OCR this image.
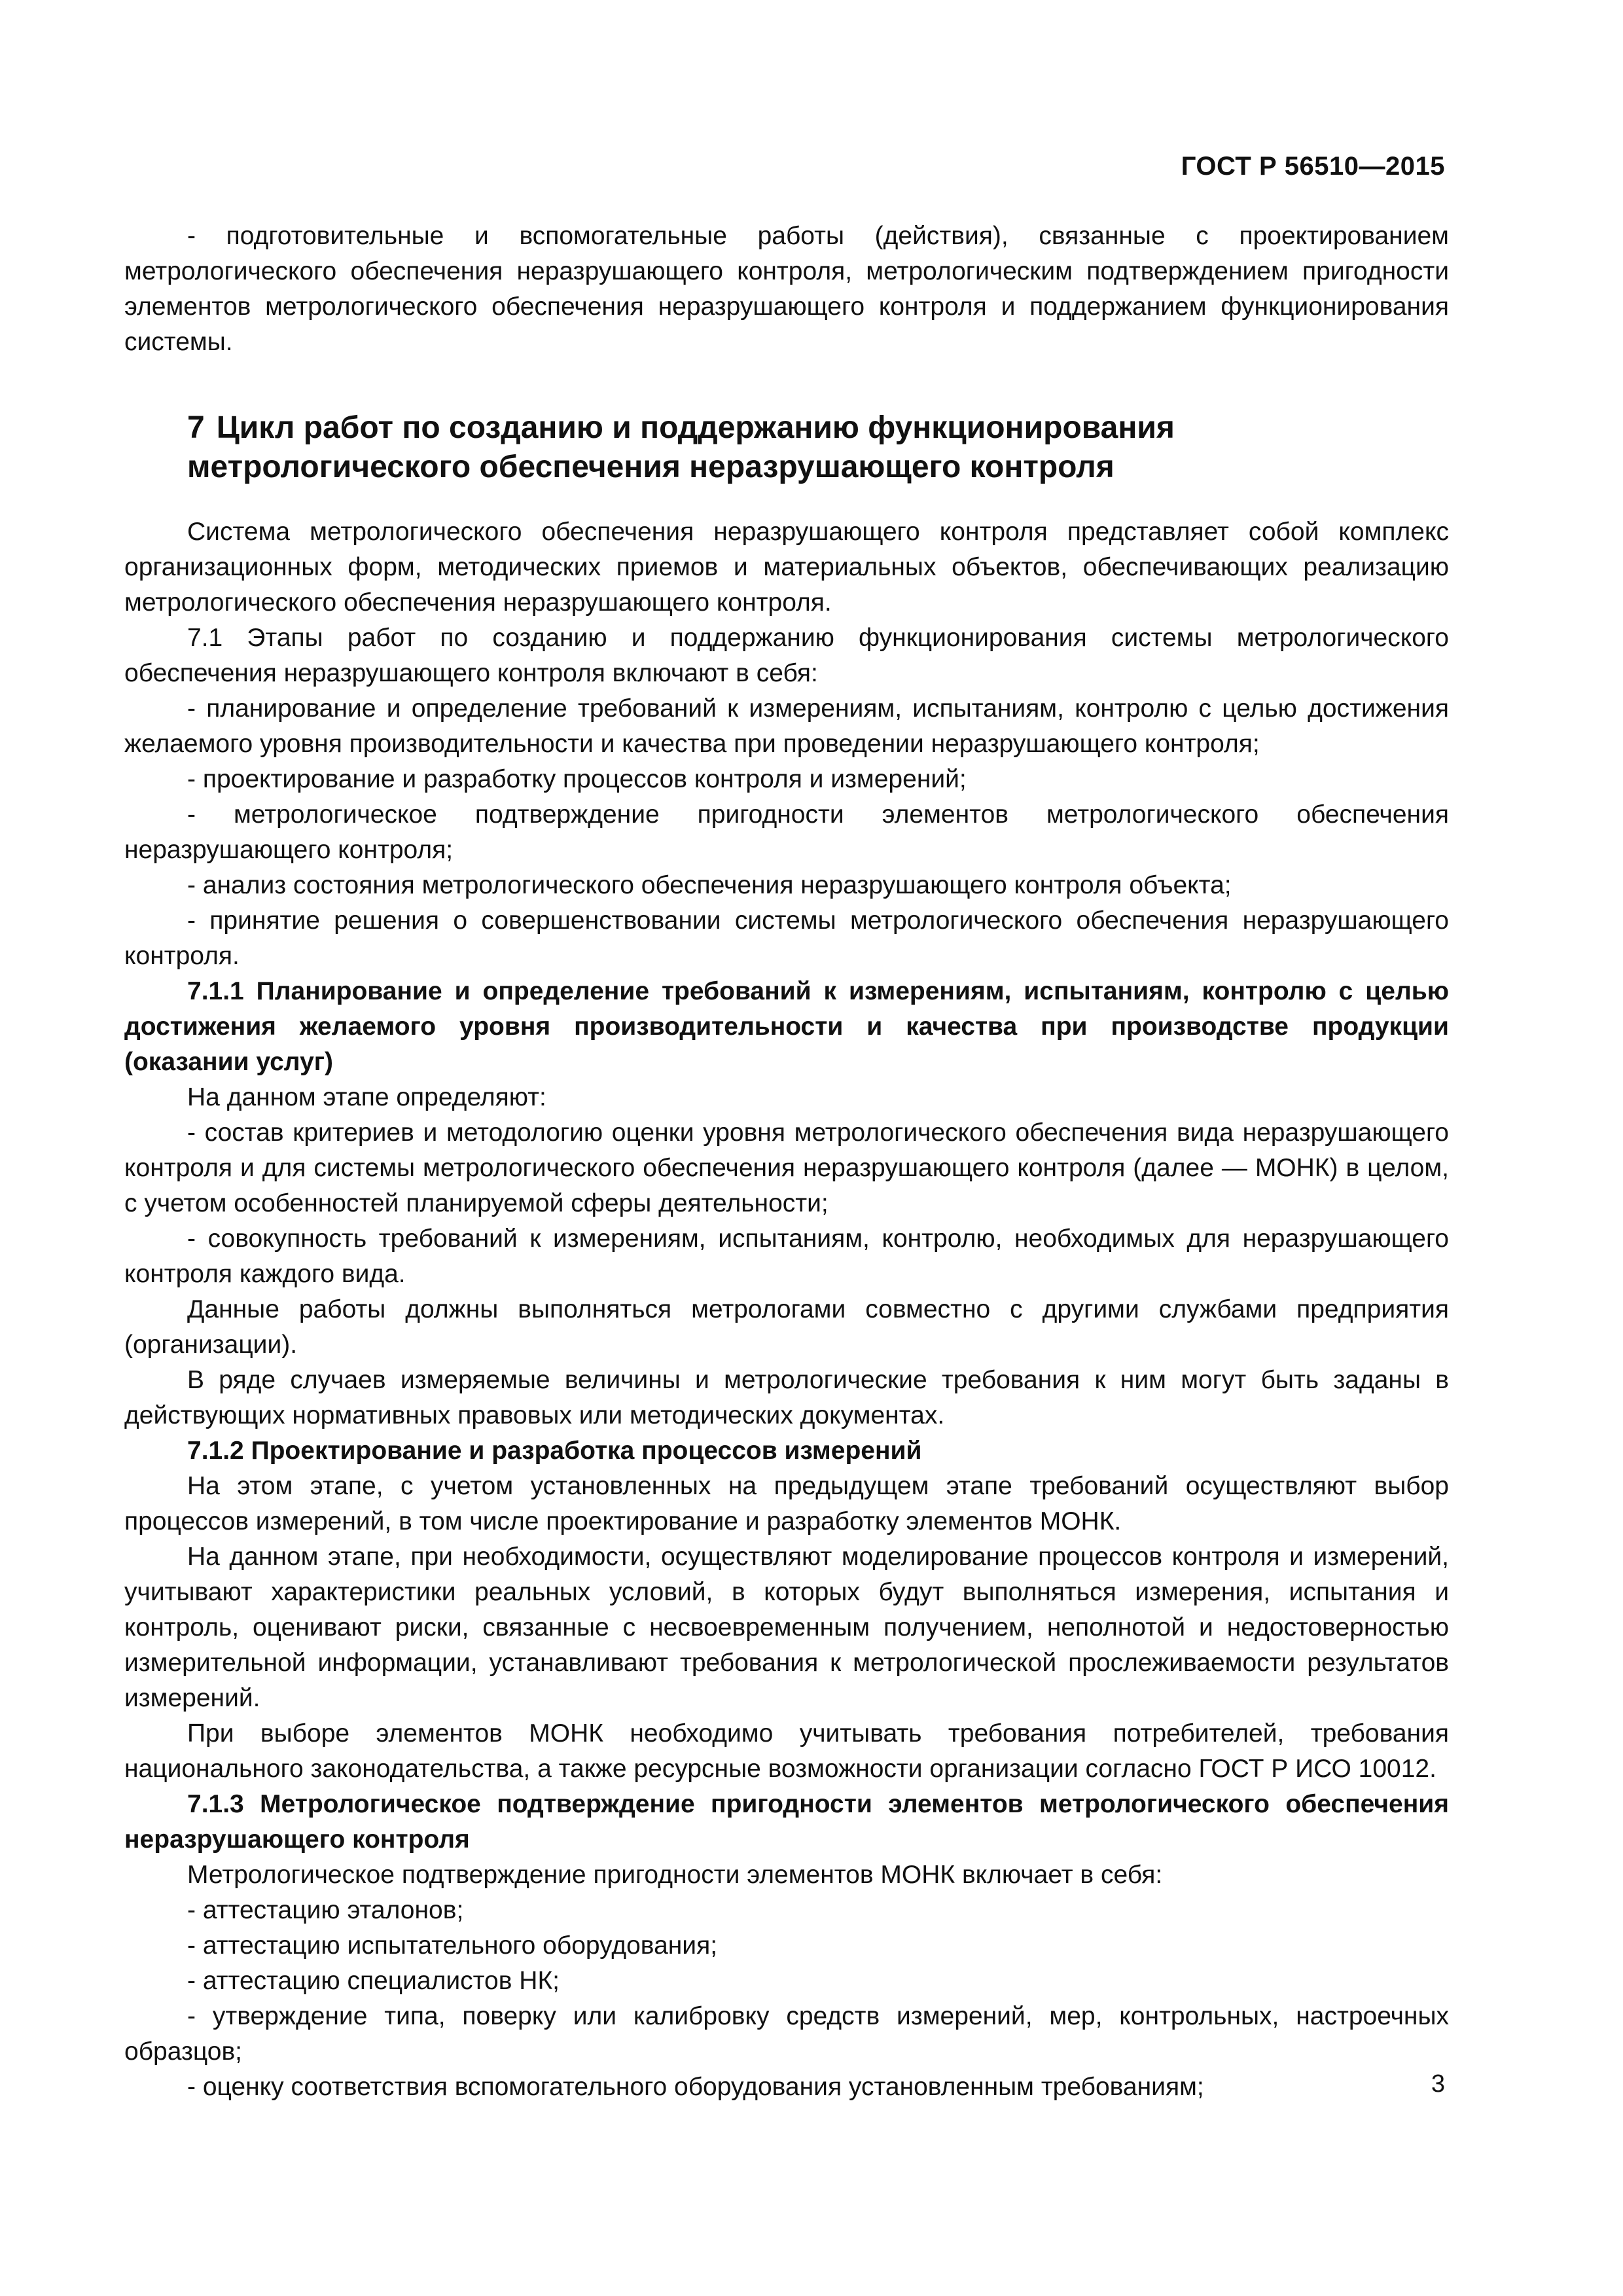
ГОСТ Р 56510—2015

- подготовительные и вспомогательные работы (действия), связанные с проектированием метрологического обеспечения неразрушающего контроля, метрологическим подтверждением пригодности элементов метрологического обеспечения неразрушающего контроля и поддержанием функционирования системы.

7 Цикл работ по созданию и поддержанию функционирования
метрологического обеспечения неразрушающего контроля

Система метрологического обеспечения неразрушающего контроля представляет собой комплекс организационных форм, методических приемов и материальных объектов, обеспечивающих реализацию метрологического обеспечения неразрушающего контроля.

7.1 Этапы работ по созданию и поддержанию функционирования системы метрологического обеспечения неразрушающего контроля включают в себя:

- планирование и определение требований к измерениям, испытаниям, контролю с целью достижения желаемого уровня производительности и качества при проведении неразрушающего контроля;

- проектирование и разработку процессов контроля и измерений;

- метрологическое подтверждение пригодности элементов метрологического обеспечения неразрушающего контроля;

- анализ состояния метрологического обеспечения неразрушающего контроля объекта;

- принятие решения о совершенствовании системы метрологического обеспечения неразрушающего контроля.

7.1.1 Планирование и определение требований к измерениям, испытаниям, контролю с целью достижения желаемого уровня производительности и качества при производстве продукции (оказании услуг)

На данном этапе определяют:

- состав критериев и методологию оценки уровня метрологического обеспечения вида неразрушающего контроля и для системы метрологического обеспечения неразрушающего контроля (далее — МОНК) в целом, с учетом особенностей планируемой сферы деятельности;

- совокупность требований к измерениям, испытаниям, контролю, необходимых для неразрушающего контроля каждого вида.

Данные работы должны выполняться метрологами совместно с другими службами предприятия (организации).

В ряде случаев измеряемые величины и метрологические требования к ним могут быть заданы в действующих нормативных правовых или методических документах.

7.1.2 Проектирование и разработка процессов измерений

На этом этапе, с учетом установленных на предыдущем этапе требований осуществляют выбор процессов измерений, в том числе проектирование и разработку элементов МОНК.

На данном этапе, при необходимости, осуществляют моделирование процессов контроля и измерений, учитывают характеристики реальных условий, в которых будут выполняться измерения, испытания и контроль, оценивают риски, связанные с несвоевременным получением, неполнотой и недостоверностью измерительной информации, устанавливают требования к метрологической прослеживаемости результатов измерений.

При выборе элементов МОНК необходимо учитывать требования потребителей, требования национального законодательства, а также ресурсные возможности организации согласно ГОСТ Р ИСО 10012.

7.1.3 Метрологическое подтверждение пригодности элементов метрологического обеспечения неразрушающего контроля

Метрологическое подтверждение пригодности элементов МОНК включает в себя:

- аттестацию эталонов;

- аттестацию испытательного оборудования;

- аттестацию специалистов НК;

- утверждение типа, поверку или калибровку средств измерений, мер, контрольных, настроечных образцов;

- оценку соответствия вспомогательного оборудования установленным требованиям;	3
